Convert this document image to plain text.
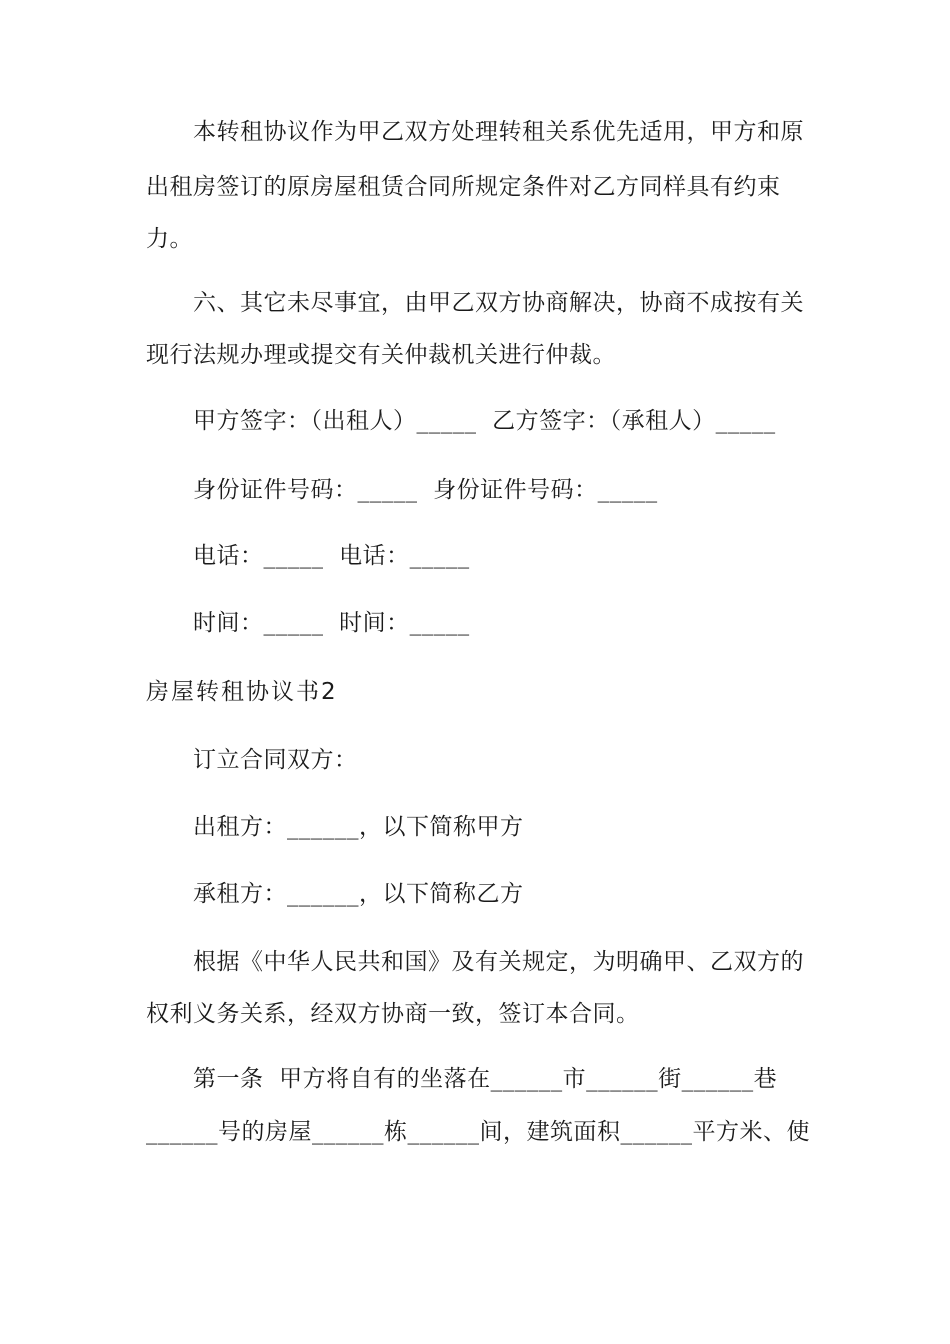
本转租协议作为甲乙双方处理转租关系优先适用，甲方和原
出租房签订的原房屋租赁合同所规定条件对乙方同样具有约束
力。
六、其它未尽事宜，由甲乙双方协商解决，协商不成按有关
现行法规办理或提交有关仲裁机关进行仲裁。
甲方签字：（出租人）_____  乙方签字：（承租人）_____
身份证件号码：_____  身份证件号码：_____
电话：_____  电话：_____
时间：_____  时间：_____
房屋转租协议书2
订立合同双方：
出租方：______，以下简称甲方
承租方：______，以下简称乙方
根据《中华人民共和国》及有关规定，为明确甲、乙双方的
权利义务关系，经双方协商一致，签订本合同。
第一条  甲方将自有的坐落在______市______街______巷
______号的房屋______栋______间，建筑面积______平方米、使
